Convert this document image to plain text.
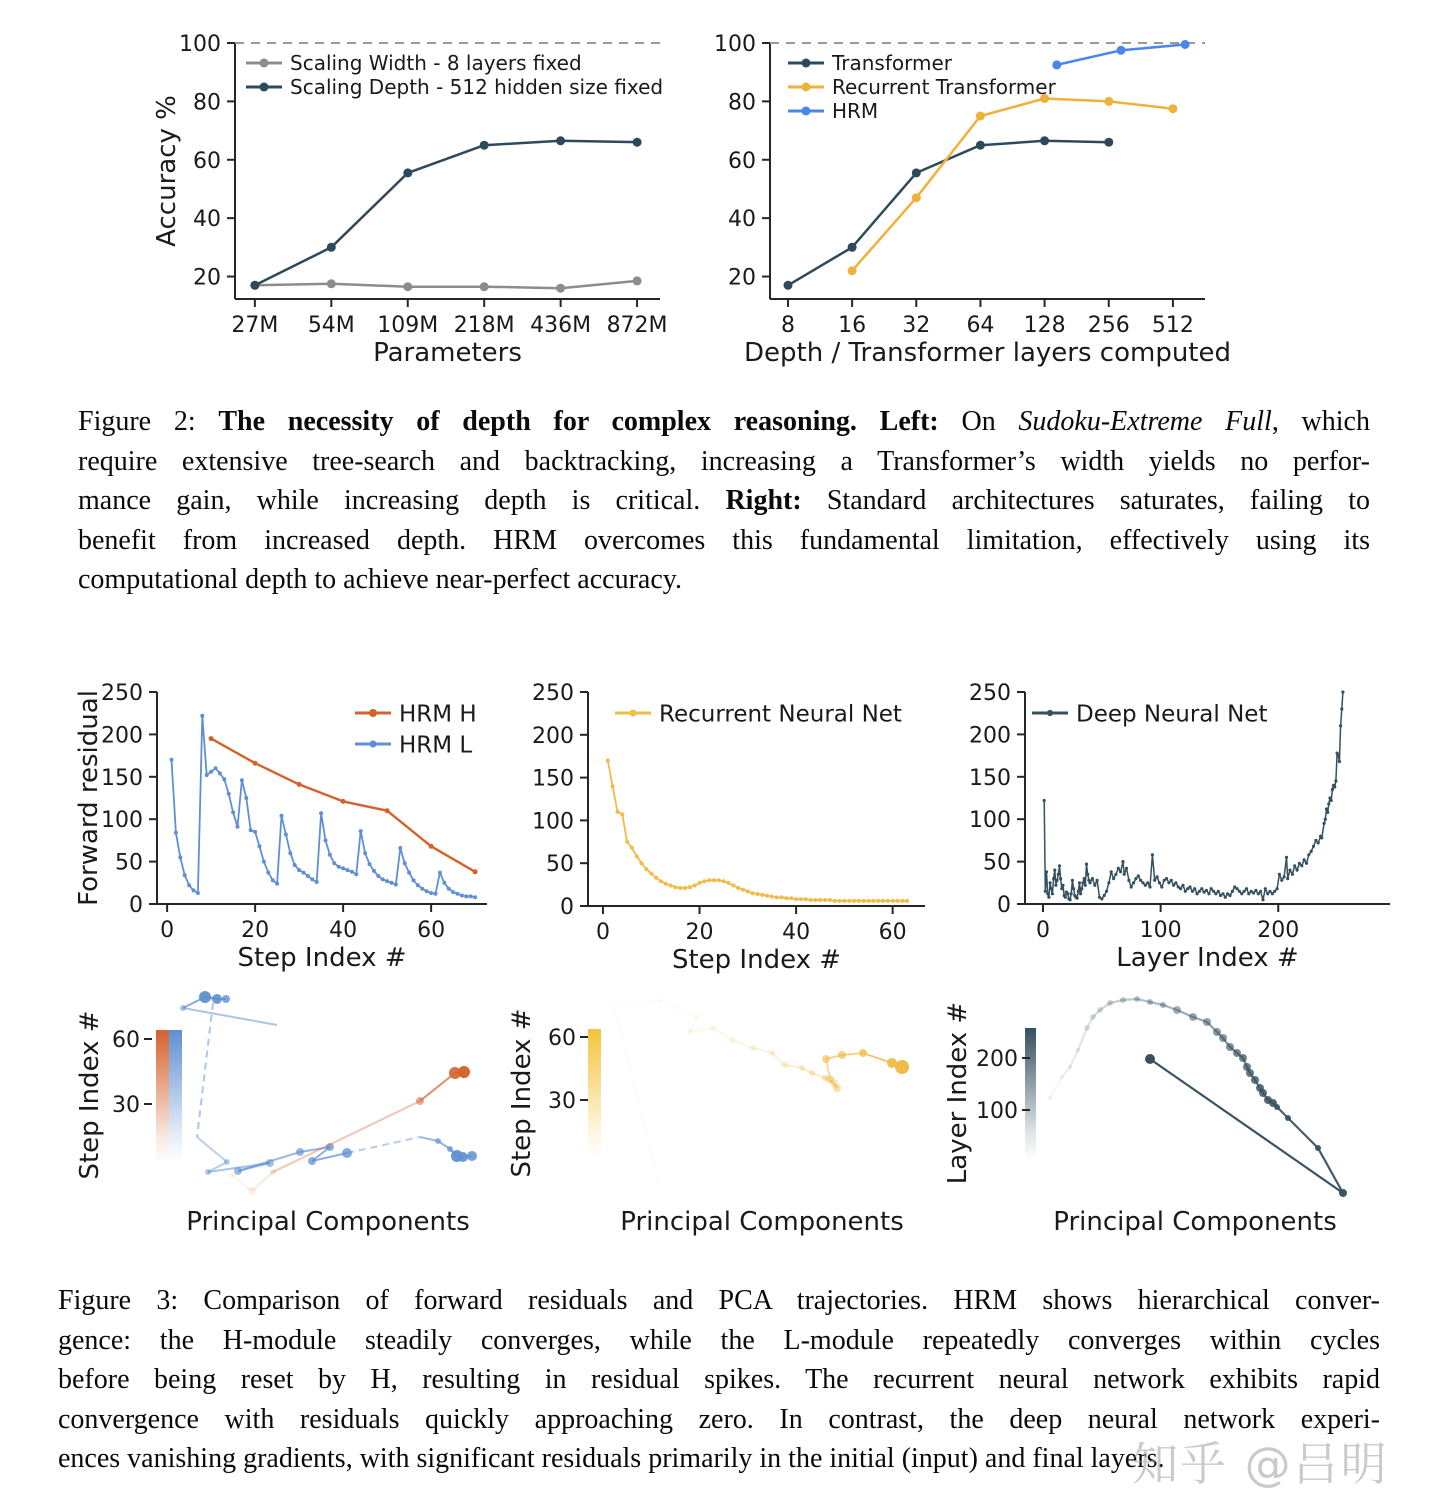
20
40
60
80
100
27M 54M 109M 218M 436M 872M
Parameters
Accuracy %
Scaling Width - 8 layers fixed
Scaling Depth - 512 hidden size fixed
20
40
60
80
100
8 16 32 64 128 256 512
Depth / Transformer layers computed
Transformer
Recurrent Transformer
HRM
Figure 2: The necessity of depth for complex reasoning. Left: On Sudoku-Extreme Full, which
require extensive tree-search and backtracking, increasing a Transformer’s width yields no perfor-
mance gain, while increasing depth is critical. Right: Standard architectures saturates, failing to
benefit from increased depth. HRM overcomes this fundamental limitation, effectively using its
computational depth to achieve near-perfect accuracy.
0
50
100
150
200
250
0	20	40	60
Step Index #
Forward residual	HRM H
HRM L
0
50
100
150
200
250
0	20	40	60
Step Index #
Recurrent Neural Net
0
50
100
150
200
250
0	100	200
Layer Index #
Deep Neural Net
60
30
Step Index #
Principal Components
60
30
Step Index #
Principal Components
200
100
Layer Index #
Principal Components
Figure 3: Comparison of forward residuals and PCA trajectories. HRM shows hierarchical conver-
gence: the H-module steadily converges, while the L-module repeatedly converges within cycles
before being reset by H, resulting in residual spikes. The recurrent neural network exhibits rapid
convergence with residuals quickly approaching zero. In contrast, the deep neural network experi-
ences vanishing gradients, with significant residuals primarily in the initial (input) and final layers.
知乎 @吕明
